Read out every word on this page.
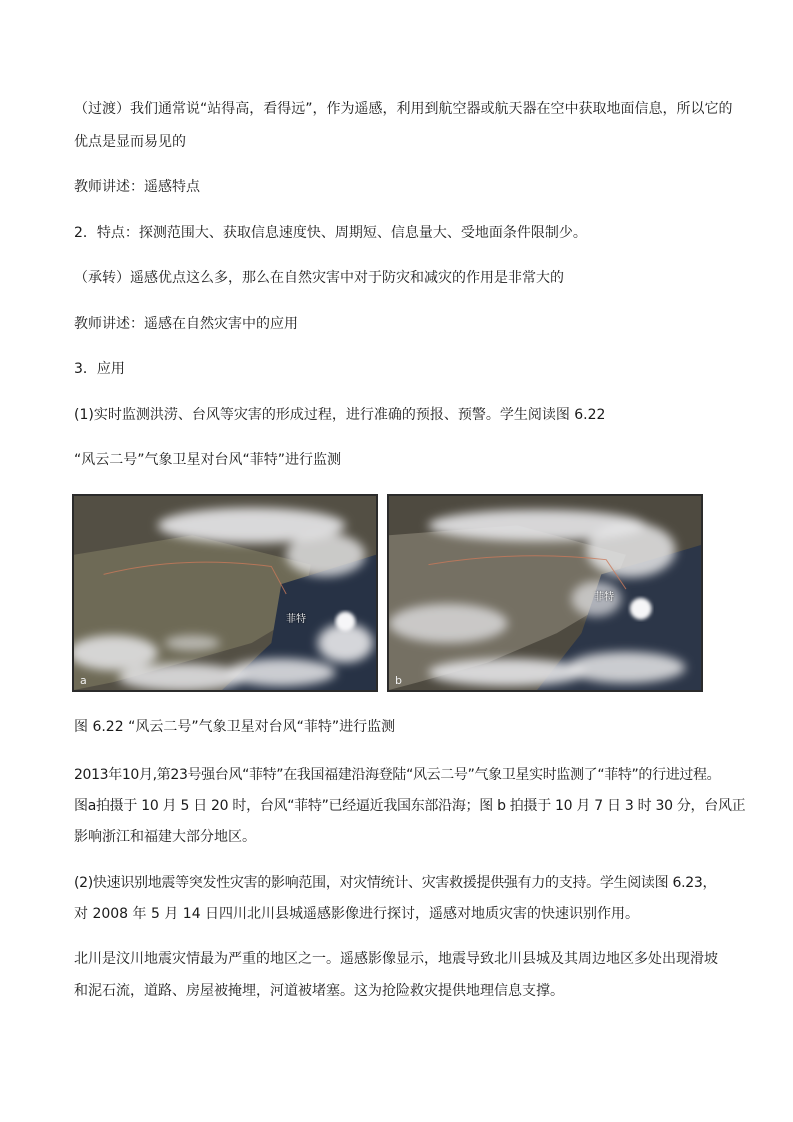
（过渡）我们通常说“站得高，看得远”，作为遥感，利用到航空器或航天器在空中获取地面信息，所以它的
优点是显而易见的
教师讲述：遥感特点
2．特点：探测范围大、获取信息速度快、周期短、信息量大、受地面条件限制少。
（承转）遥感优点这么多，那么在自然灾害中对于防灾和减灾的作用是非常大的
教师讲述：遥感在自然灾害中的应用
3．应用
(1)实时监测洪涝、台风等灾害的形成过程，进行准确的预报、预警。学生阅读图 6.22
“风云二号”气象卫星对台风“菲特”进行监测
菲特
a
菲特
b
图 6.22 “风云二号”气象卫星对台风“菲特”进行监测
2013年10月,第23号强台风“菲特”在我国福建沿海登陆“风云二号”气象卫星实时监测了“菲特”的行进过程。
图a拍摄于 10 月 5 日 20 时，台风“菲特”已经逼近我国东部沿海；图 b 拍摄于 10 月 7 日 3 时 30 分，台风正
影响浙江和福建大部分地区。
(2)快速识别地震等突发性灾害的影响范围，对灾情统计、灾害救援提供强有力的支持。学生阅读图 6.23，
对 2008 年 5 月 14 日四川北川县城遥感影像进行探讨，遥感对地质灾害的快速识别作用。
北川是汶川地震灾情最为严重的地区之一。遥感影像显示，地震导致北川县城及其周边地区多处出现滑坡
和泥石流，道路、房屋被掩埋，河道被堵塞。这为抢险救灾提供地理信息支撑。
